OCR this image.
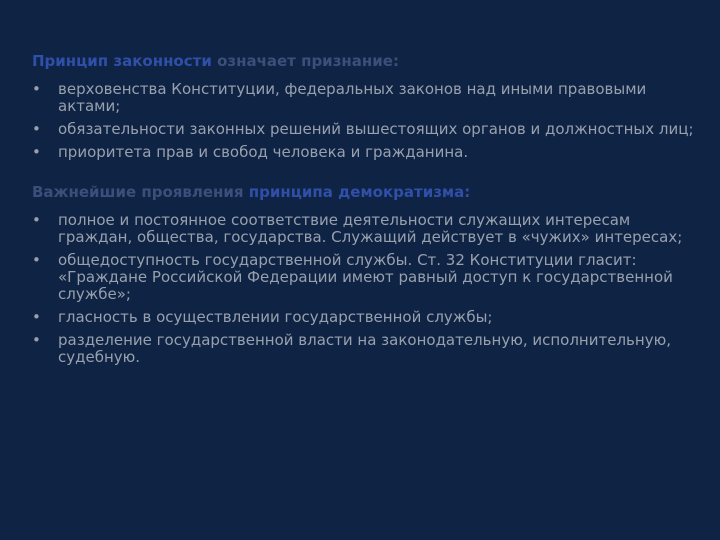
Принцип законности означает признание:
•	верховенства Конституции, федеральных законов над иными правовыми актами;
•	обязательности законных решений вышестоящих органов и должностных лиц;
•	приоритета прав и свобод человека и гражданина.
Важнейшие проявления принципа демократизма:
•	полное и постоянное соответствие деятельности служащих интересам граждан, общества, государства. Служащий действует в «чужих» интересах;
•	общедоступность государственной службы. Ст. 32 Конституции гласит: «Граждане Российской Федерации имеют равный доступ к государственной службе»;
•	гласность в осуществлении государственной службы;
•	разделение государственной власти на законодательную, исполнительную, судебную.
